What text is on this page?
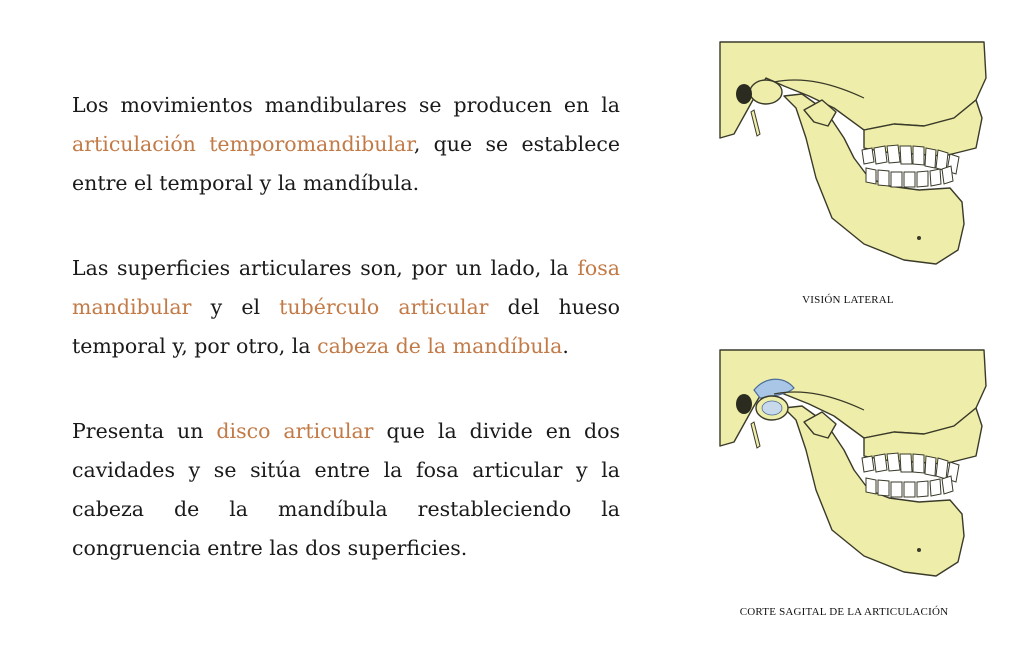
Los movimientos mandibulares se producen en la articulación temporomandibular, que se establece entre el temporal y la mandíbula.

Las superficies articulares son, por un lado, la fosa mandibular y el tubérculo articular del hueso temporal y, por otro, la cabeza de la mandíbula.

Presenta un disco articular que la divide en dos cavidades y se sitúa entre la fosa articular y la cabeza de la mandíbula restableciendo la congruencia entre las dos superficies.

VISIÓN LATERAL
CORTE SAGITAL DE LA ARTICULACIÓN
